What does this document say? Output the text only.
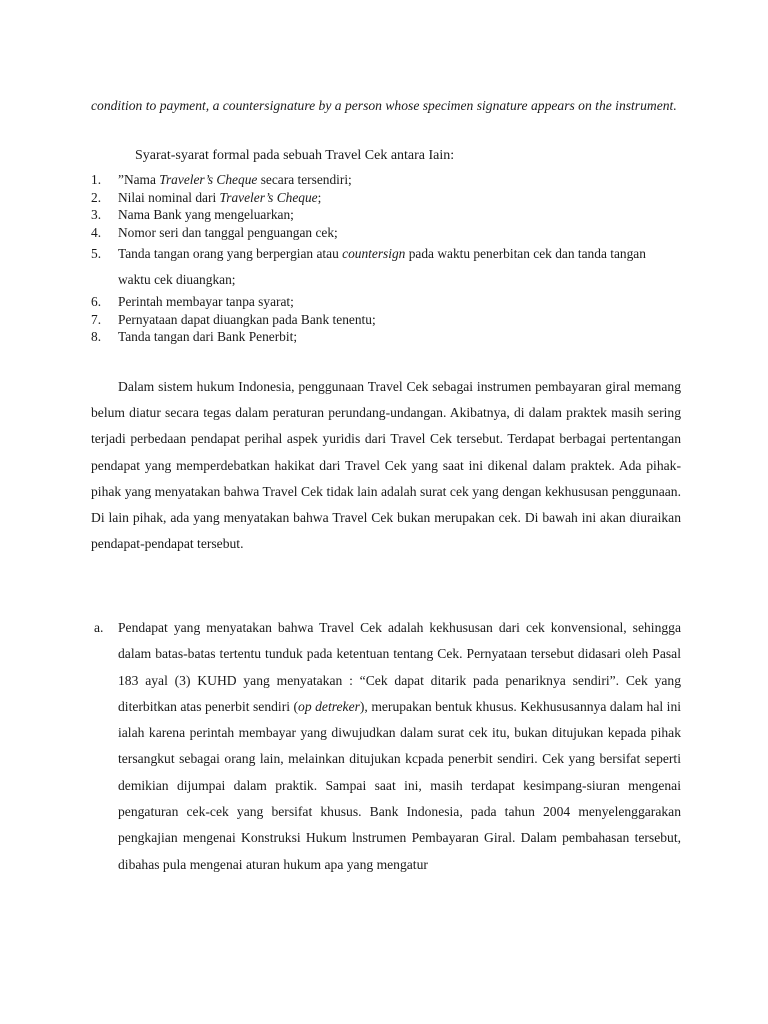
condition to payment, a countersignature by a person whose specimen signature appears on the instrument.
Syarat-syarat formal pada sebuah Travel Cek antara Iain:
1. ”Nama Traveler’s Cheque secara tersendiri;
2. Nilai nominal dari Traveler’s Cheque;
3. Nama Bank yang mengeluarkan;
4. Nomor seri dan tanggal penguangan cek;
5. Tanda tangan orang yang berpergian atau countersign pada waktu penerbitan cek dan tanda tangan waktu cek diuangkan;
6. Perintah membayar tanpa syarat;
7. Pernyataan dapat diuangkan pada Bank tenentu;
8. Tanda tangan dari Bank Penerbit;

Dalam sistem hukum Indonesia, penggunaan Travel Cek sebagai instrumen pembayaran giral memang belum diatur secara tegas dalam peraturan perundang-undangan. Akibatnya, di dalam praktek masih sering terjadi perbedaan pendapat perihal aspek yuridis dari Travel Cek tersebut. Terdapat berbagai pertentangan pendapat yang memperdebatkan hakikat dari Travel Cek yang saat ini dikenal dalam praktek. Ada pihak-pihak yang menyatakan bahwa Travel Cek tidak lain adalah surat cek yang dengan kekhususan penggunaan. Di lain pihak, ada yang menyatakan bahwa Travel Cek bukan merupakan cek. Di bawah ini akan diuraikan pendapat-pendapat tersebut.

a. Pendapat yang menyatakan bahwa Travel Cek adalah kekhususan dari cek konvensional, sehingga dalam batas-batas tertentu tunduk pada ketentuan tentang Cek. Pernyataan tersebut didasari oleh Pasal 183 ayal (3) KUHD yang menyatakan : “Cek dapat ditarik pada penariknya sendiri”. Cek yang diterbitkan atas penerbit sendiri (op detreker), merupakan bentuk khusus. Kekhususannya dalam hal ini ialah karena perintah membayar yang diwujudkan dalam surat cek itu, bukan ditujukan kepada pihak tersangkut sebagai orang lain, melainkan ditujukan kcpada penerbit sendiri. Cek yang bersifat seperti demikian dijumpai dalam praktik. Sampai saat ini, masih terdapat kesimpang-siuran mengenai pengaturan cek-cek yang bersifat khusus. Bank Indonesia, pada tahun 2004 menyelenggarakan pengkajian mengenai Konstruksi Hukum lnstrumen Pembayaran Giral. Dalam pembahasan tersebut, dibahas pula mengenai aturan hukum apa yang mengatur
